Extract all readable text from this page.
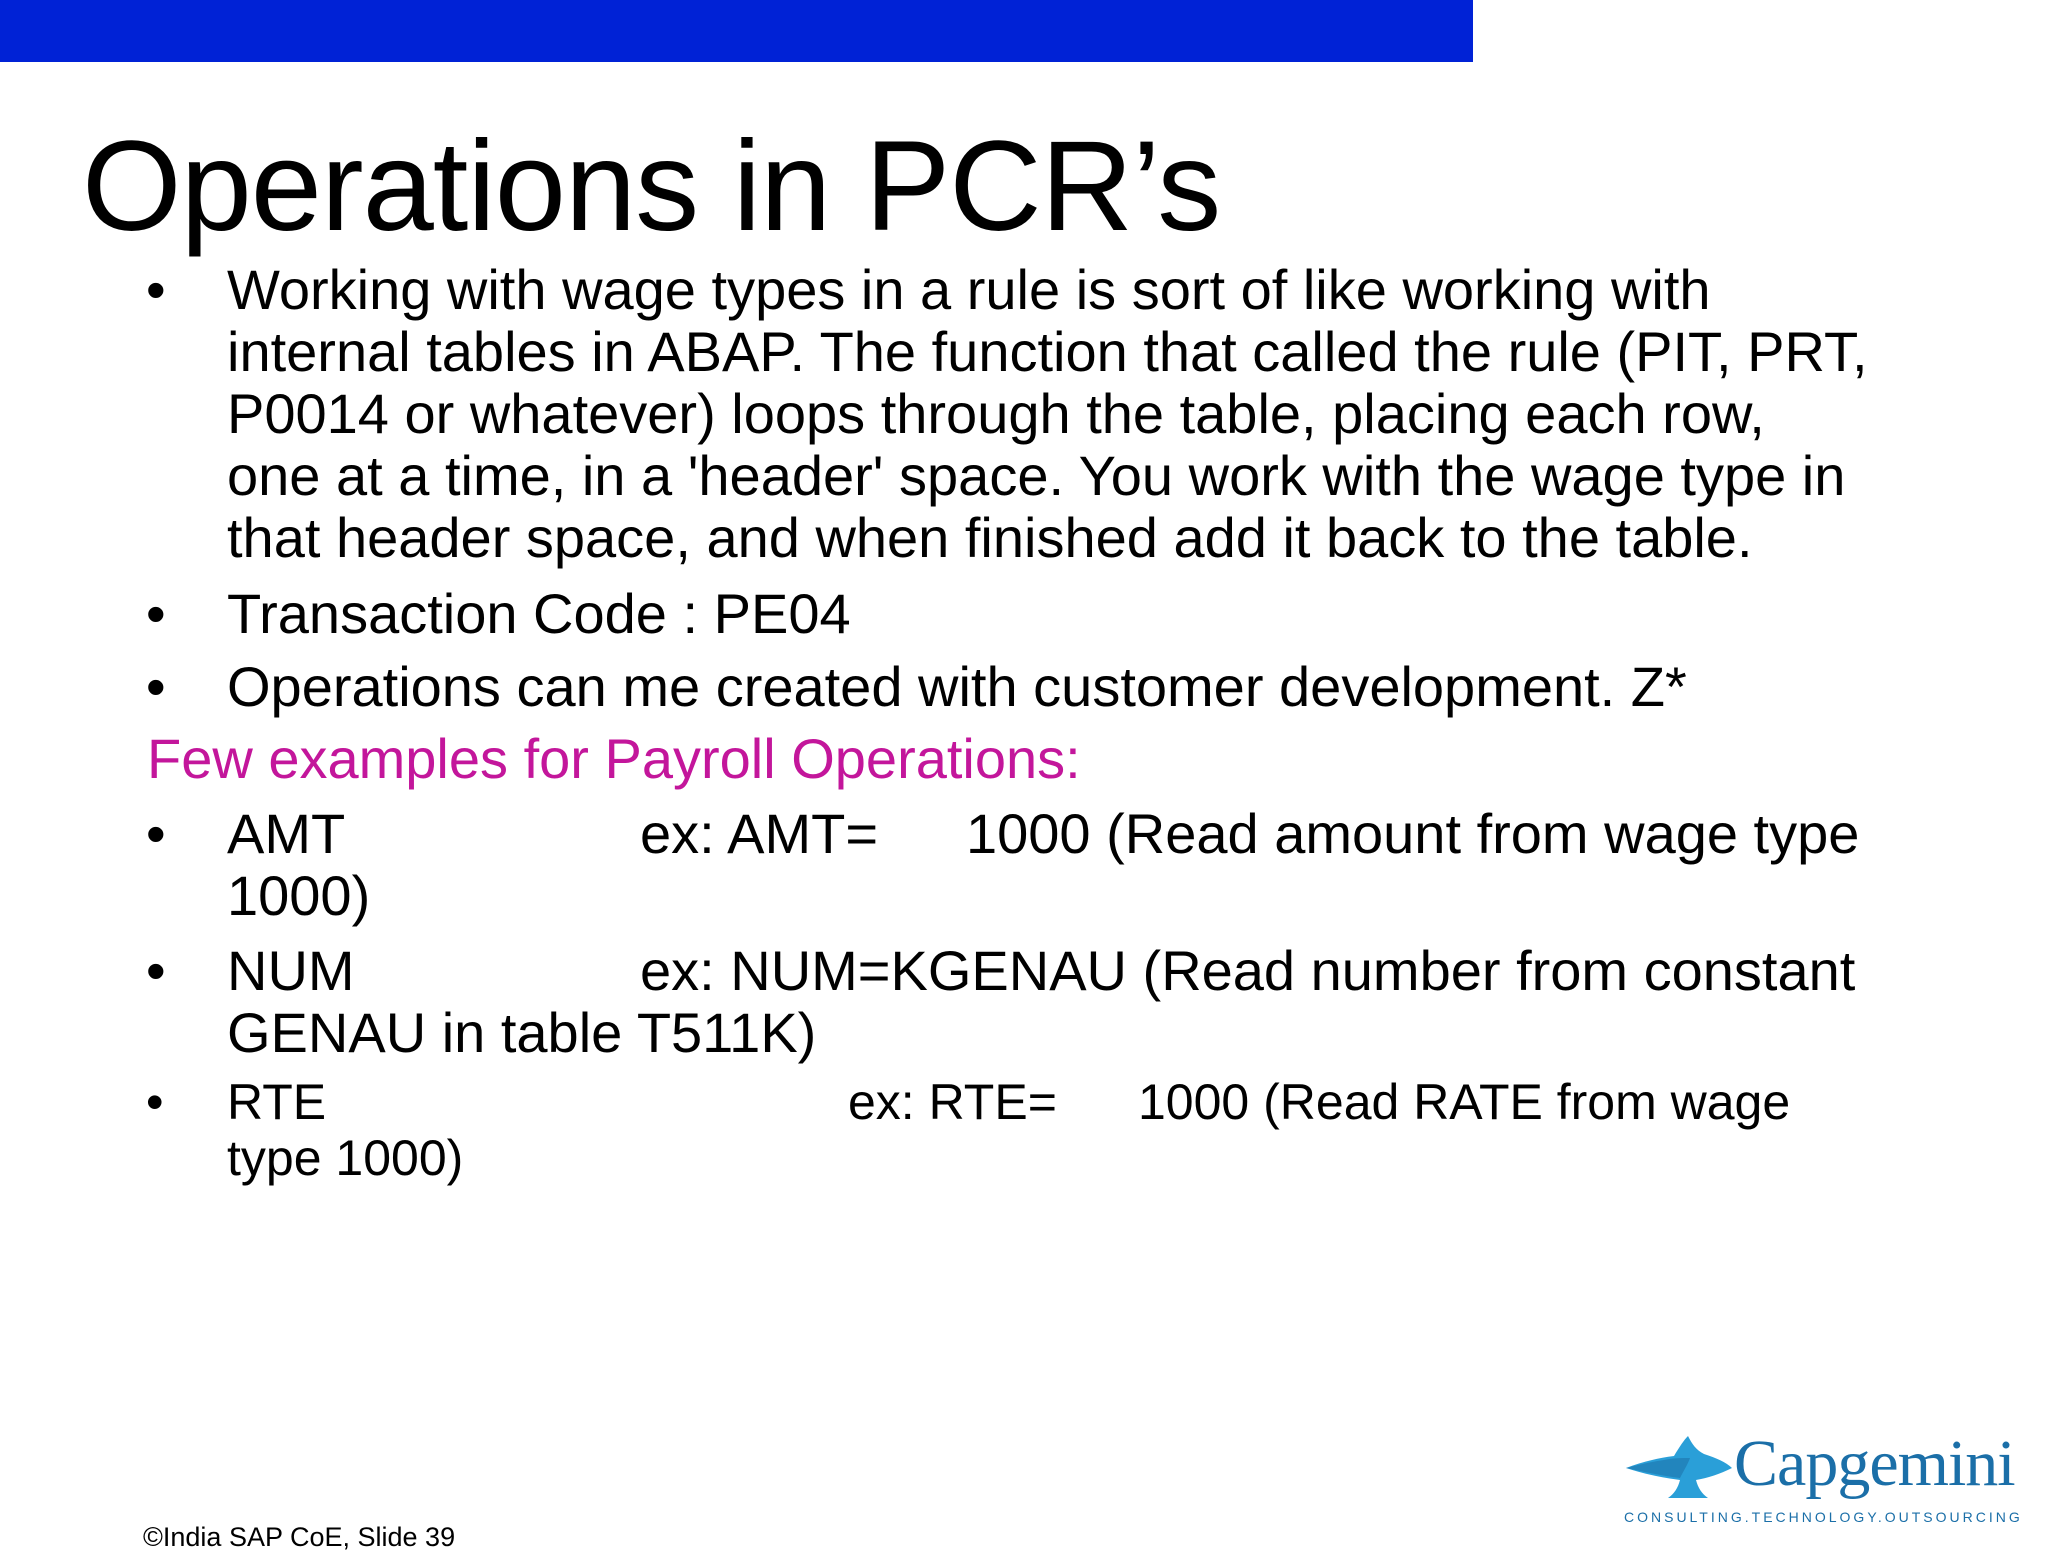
Operations in PCR’s
• Working with wage types in a rule is sort of like working with
internal tables in ABAP. The function that called the rule (PIT, PRT,
P0014 or whatever) loops through the table, placing each row,
one at a time, in a 'header' space. You work with the wage type in
that header space, and when finished add it back to the table.
• Transaction Code : PE04
• Operations can me created with customer development. Z*
Few examples for Payroll Operations:
• AMT	ex: AMT= 1000 (Read amount from wage type
1000)
• NUM	ex: NUM=KGENAU (Read number from constant
GENAU in table T511K)
• RTE	ex: RTE= 1000 (Read RATE from wage
type 1000)
Capgemini
CONSULTING.TECHNOLOGY.OUTSOURCING
©India SAP CoE, Slide 39
